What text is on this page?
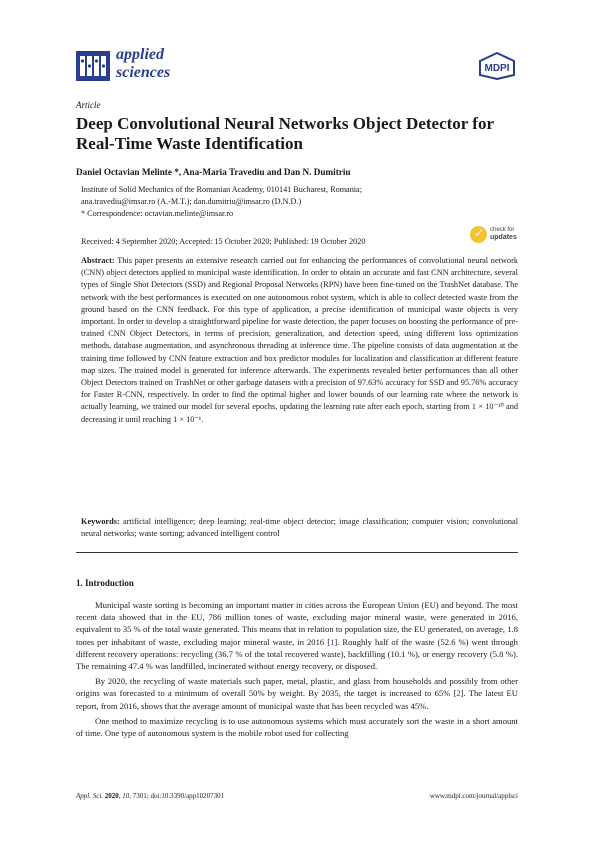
applied
sciences	MDPI
Article
Deep Convolutional Neural Networks Object Detector for Real-Time Waste Identification
Daniel Octavian Melinte *, Ana-Maria Travediu and Dan N. Dumitriu
Institute of Solid Mechanics of the Romanian Academy, 010141 Bucharest, Romania;
ana.travediu@imsar.ro (A.-M.T.); dan.dumitriu@imsar.ro (D.N.D.)
* Correspondence: octavian.melinte@imsar.ro
Received: 4 September 2020; Accepted: 15 October 2020; Published: 19 October 2020
✓ check for
updates
Abstract: This paper presents an extensive research carried out for enhancing the performances of convolutional neural network (CNN) object detectors applied to municipal waste identification. In order to obtain an accurate and fast CNN architecture, several types of Single Shot Detectors (SSD) and Regional Proposal Networks (RPN) have been fine-tuned on the TrashNet database. The network with the best performances is executed on one autonomous robot system, which is able to collect detected waste from the ground based on the CNN feedback. For this type of application, a precise identification of municipal waste objects is very important. In order to develop a straightforward pipeline for waste detection, the paper focuses on boosting the performance of pre-trained CNN Object Detectors, in terms of precision, generalization, and detection speed, using different loss optimization methods, database augmentation, and asynchronous threading at inference time. The pipeline consists of data augmentation at the training time followed by CNN feature extraction and box predictor modules for localization and classification at different feature map sizes. The trained model is generated for inference afterwards. The experiments revealed better performances than all other Object Detectors trained on TrashNet or other garbage datasets with a precision of 97.63% accuracy for SSD and 95.76% accuracy for Faster R-CNN, respectively. In order to find the optimal higher and lower bounds of our learning rate where the network is actually learning, we trained our model for several epochs, updating the learning rate after each epoch, starting from 1 × 10⁻¹⁰ and decreasing it until reaching 1 × 10⁻¹.
Keywords: artificial intelligence; deep learning; real-time object detector; image classification; computer vision; convolutional neural networks; waste sorting; advanced intelligent control
1. Introduction

Municipal waste sorting is becoming an important matter in cities across the European Union (EU) and beyond. The most recent data showed that in the EU, 786 million tones of waste, excluding major mineral waste, were generated in 2016, equivalent to 35 % of the total waste generated. This means that in relation to population size, the EU generated, on average, 1.8 tones per inhabitant of waste, excluding major mineral waste, in 2016 [1]. Roughly half of the waste (52.6 %) went through different recovery operations: recycling (36.7 % of the total recovered waste), backfilling (10.1 %), or energy recovery (5.8 %). The remaining 47.4 % was landfilled, incinerated without energy recovery, or disposed.

By 2020, the recycling of waste materials such paper, metal, plastic, and glass from households and possibly from other origins was forecasted to a minimum of overall 50% by weight. By 2035, the target is increased to 65% [2]. The latest EU report, from 2016, shows that the average amount of municipal waste that has been recycled was 45%.

One method to maximize recycling is to use autonomous systems which must accurately sort the waste in a short amount of time. One type of autonomous system is the mobile robot used for collecting

Appl. Sci. 2020, 10, 7301; doi:10.3390/app10207301	www.mdpi.com/journal/applsci
